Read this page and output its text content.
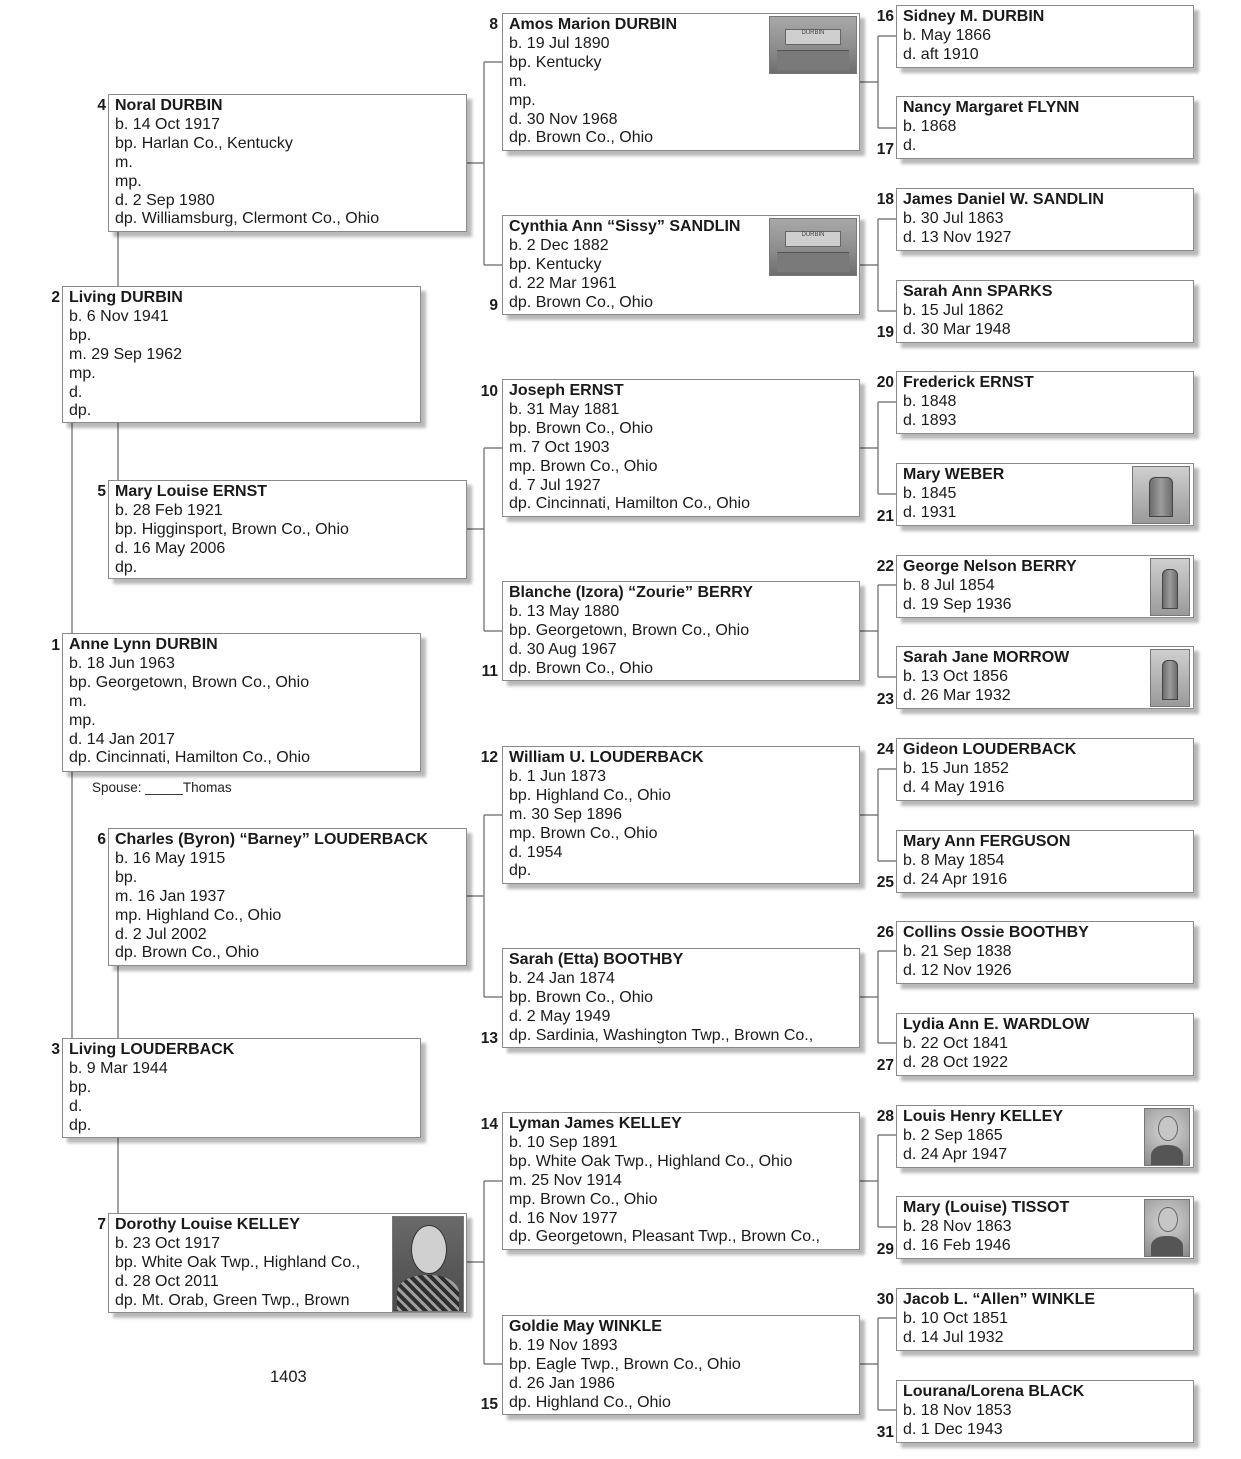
1 Anne Lynn DURBIN
b. 18 Jun 1963
bp. Georgetown, Brown Co., Ohio
m.
mp.
d. 14 Jan 2017
dp. Cincinnati, Hamilton Co., Ohio
Spouse: _____Thomas
2 Living DURBIN
b. 6 Nov 1941
bp.
m. 29 Sep 1962
mp.
d.
dp.
3 Living LOUDERBACK
b. 9 Mar 1944
bp.
d.
dp.
4 Noral DURBIN
b. 14 Oct 1917
bp. Harlan Co., Kentucky
m.
mp.
d. 2 Sep 1980
dp. Williamsburg, Clermont Co., Ohio
5 Mary Louise ERNST
b. 28 Feb 1921
bp. Higginsport, Brown Co., Ohio
d. 16 May 2006
dp.
6 Charles (Byron) “Barney” LOUDERBACK
b. 16 May 1915
bp.
m. 16 Jan 1937
mp. Highland Co., Ohio
d. 2 Jul 2002
dp. Brown Co., Ohio
7 Dorothy Louise KELLEY
b. 23 Oct 1917
bp. White Oak Twp., Highland Co.,
d. 28 Oct 2011
dp. Mt. Orab, Green Twp., Brown
1403
8 Amos Marion DURBIN
b. 19 Jul 1890
bp. Kentucky
m.
mp.
d. 30 Nov 1968
dp. Brown Co., Ohio
DURBIN
9
Cynthia Ann “Sissy” SANDLIN
b. 2 Dec 1882
bp. Kentucky
d. 22 Mar 1961
dp. Brown Co., Ohio
DURBIN
10 Joseph ERNST
b. 31 May 1881
bp. Brown Co., Ohio
m. 7 Oct 1903
mp. Brown Co., Ohio
d. 7 Jul 1927
dp. Cincinnati, Hamilton Co., Ohio
11
Blanche (Izora) “Zourie” BERRY
b. 13 May 1880
bp. Georgetown, Brown Co., Ohio
d. 30 Aug 1967
dp. Brown Co., Ohio
12 William U. LOUDERBACK
b. 1 Jun 1873
bp. Highland Co., Ohio
m. 30 Sep 1896
mp. Brown Co., Ohio
d. 1954
dp.
13
Sarah (Etta) BOOTHBY
b. 24 Jan 1874
bp. Brown Co., Ohio
d. 2 May 1949
dp. Sardinia, Washington Twp., Brown Co.,
14 Lyman James KELLEY
b. 10 Sep 1891
bp. White Oak Twp., Highland Co., Ohio
m. 25 Nov 1914
mp. Brown Co., Ohio
d. 16 Nov 1977
dp. Georgetown, Pleasant Twp., Brown Co.,
15
Goldie May WINKLE
b. 19 Nov 1893
bp. Eagle Twp., Brown Co., Ohio
d. 26 Jan 1986
dp. Highland Co., Ohio
16 Sidney M. DURBIN
b. May 1866
d. aft 1910
17
Nancy Margaret FLYNN
b. 1868
d.
18 James Daniel W. SANDLIN
b. 30 Jul 1863
d. 13 Nov 1927
19
Sarah Ann SPARKS
b. 15 Jul 1862
d. 30 Mar 1948
20 Frederick ERNST
b. 1848
d. 1893
21
Mary WEBER
b. 1845
d. 1931
22 George Nelson BERRY
b. 8 Jul 1854
d. 19 Sep 1936
23
Sarah Jane MORROW
b. 13 Oct 1856
d. 26 Mar 1932
24 Gideon LOUDERBACK
b. 15 Jun 1852
d. 4 May 1916
25
Mary Ann FERGUSON
b. 8 May 1854
d. 24 Apr 1916
26 Collins Ossie BOOTHBY
b. 21 Sep 1838
d. 12 Nov 1926
27
Lydia Ann E. WARDLOW
b. 22 Oct 1841
d. 28 Oct 1922
28 Louis Henry KELLEY
b. 2 Sep 1865
d. 24 Apr 1947
29
Mary (Louise) TISSOT
b. 28 Nov 1863
d. 16 Feb 1946
30 Jacob L. “Allen” WINKLE
b. 10 Oct 1851
d. 14 Jul 1932
31
Lourana/Lorena BLACK
b. 18 Nov 1853
d. 1 Dec 1943
